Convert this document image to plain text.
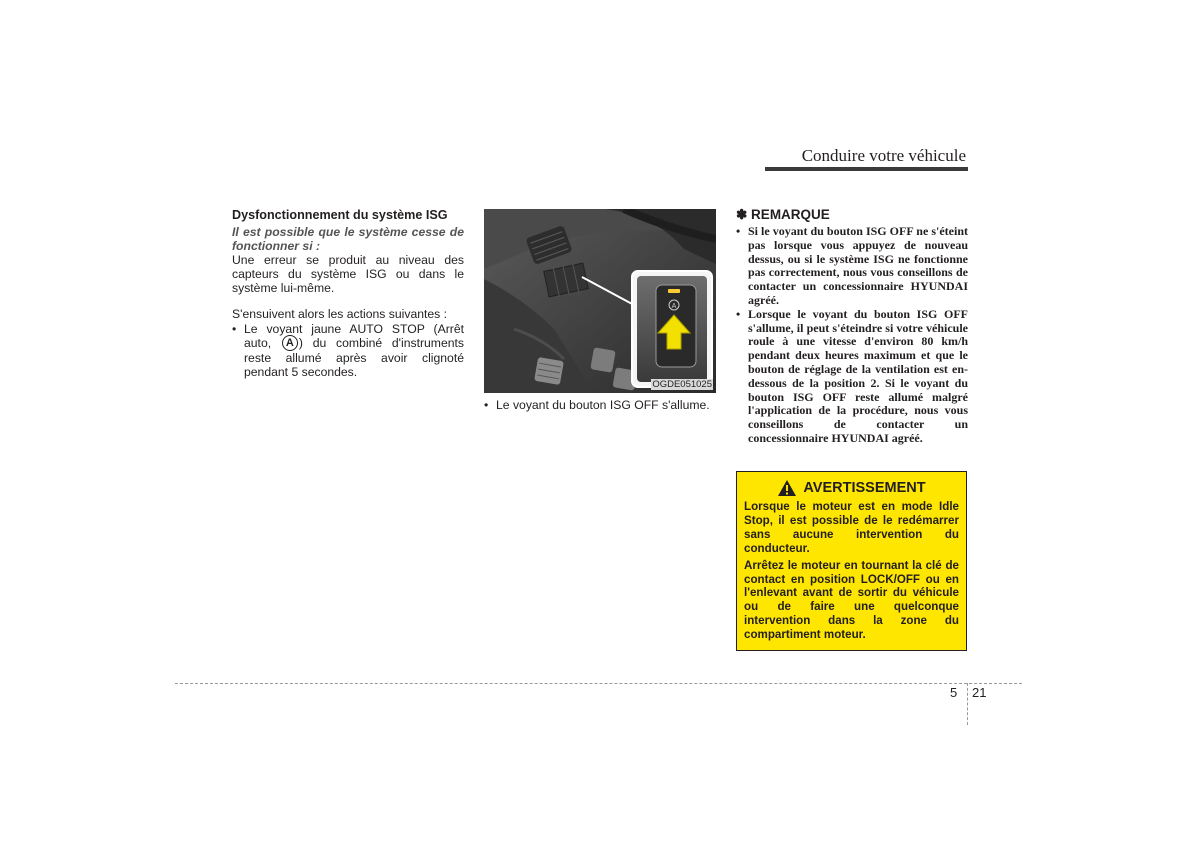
Conduire votre véhicule
Dysfonctionnement du système ISG

Il est possible que le système cesse de fonctionner si :

Une erreur se produit au niveau des capteurs du système ISG ou dans le système lui-même.

S'ensuivent alors les actions suivantes :

• Le voyant jaune AUTO STOP (Arrêt auto, A ) du combiné d'instruments reste allumé après avoir clignoté pendant 5 secondes.
A
OGDE051025
• Le voyant du bouton ISG OFF s'allume.
✽ REMARQUE
• Si le voyant du bouton ISG OFF ne s'éteint pas lorsque vous appuyez de nouveau dessus, ou si le système ISG ne fonctionne pas correctement, nous vous conseillons de contacter un concessionnaire HYUNDAI agréé.
• Lorsque le voyant du bouton ISG OFF s'allume, il peut s'éteindre si votre véhicule roule à une vitesse d'environ 80 km/h pendant deux heures maximum et que le bouton de réglage de la ventilation est en-dessous de la position 2. Si le voyant du bouton ISG OFF reste allumé malgré l'application de la procédure, nous vous conseillons de contacter un concessionnaire HYUNDAI agréé.
AVERTISSEMENT

Lorsque le moteur est en mode Idle Stop, il est possible de le redémarrer sans aucune intervention du conducteur.

Arrêtez le moteur en tournant la clé de contact en position LOCK/OFF ou en l'enlevant avant de sortir du véhicule ou de faire une quelconque intervention dans la zone du compartiment moteur.

5 21
